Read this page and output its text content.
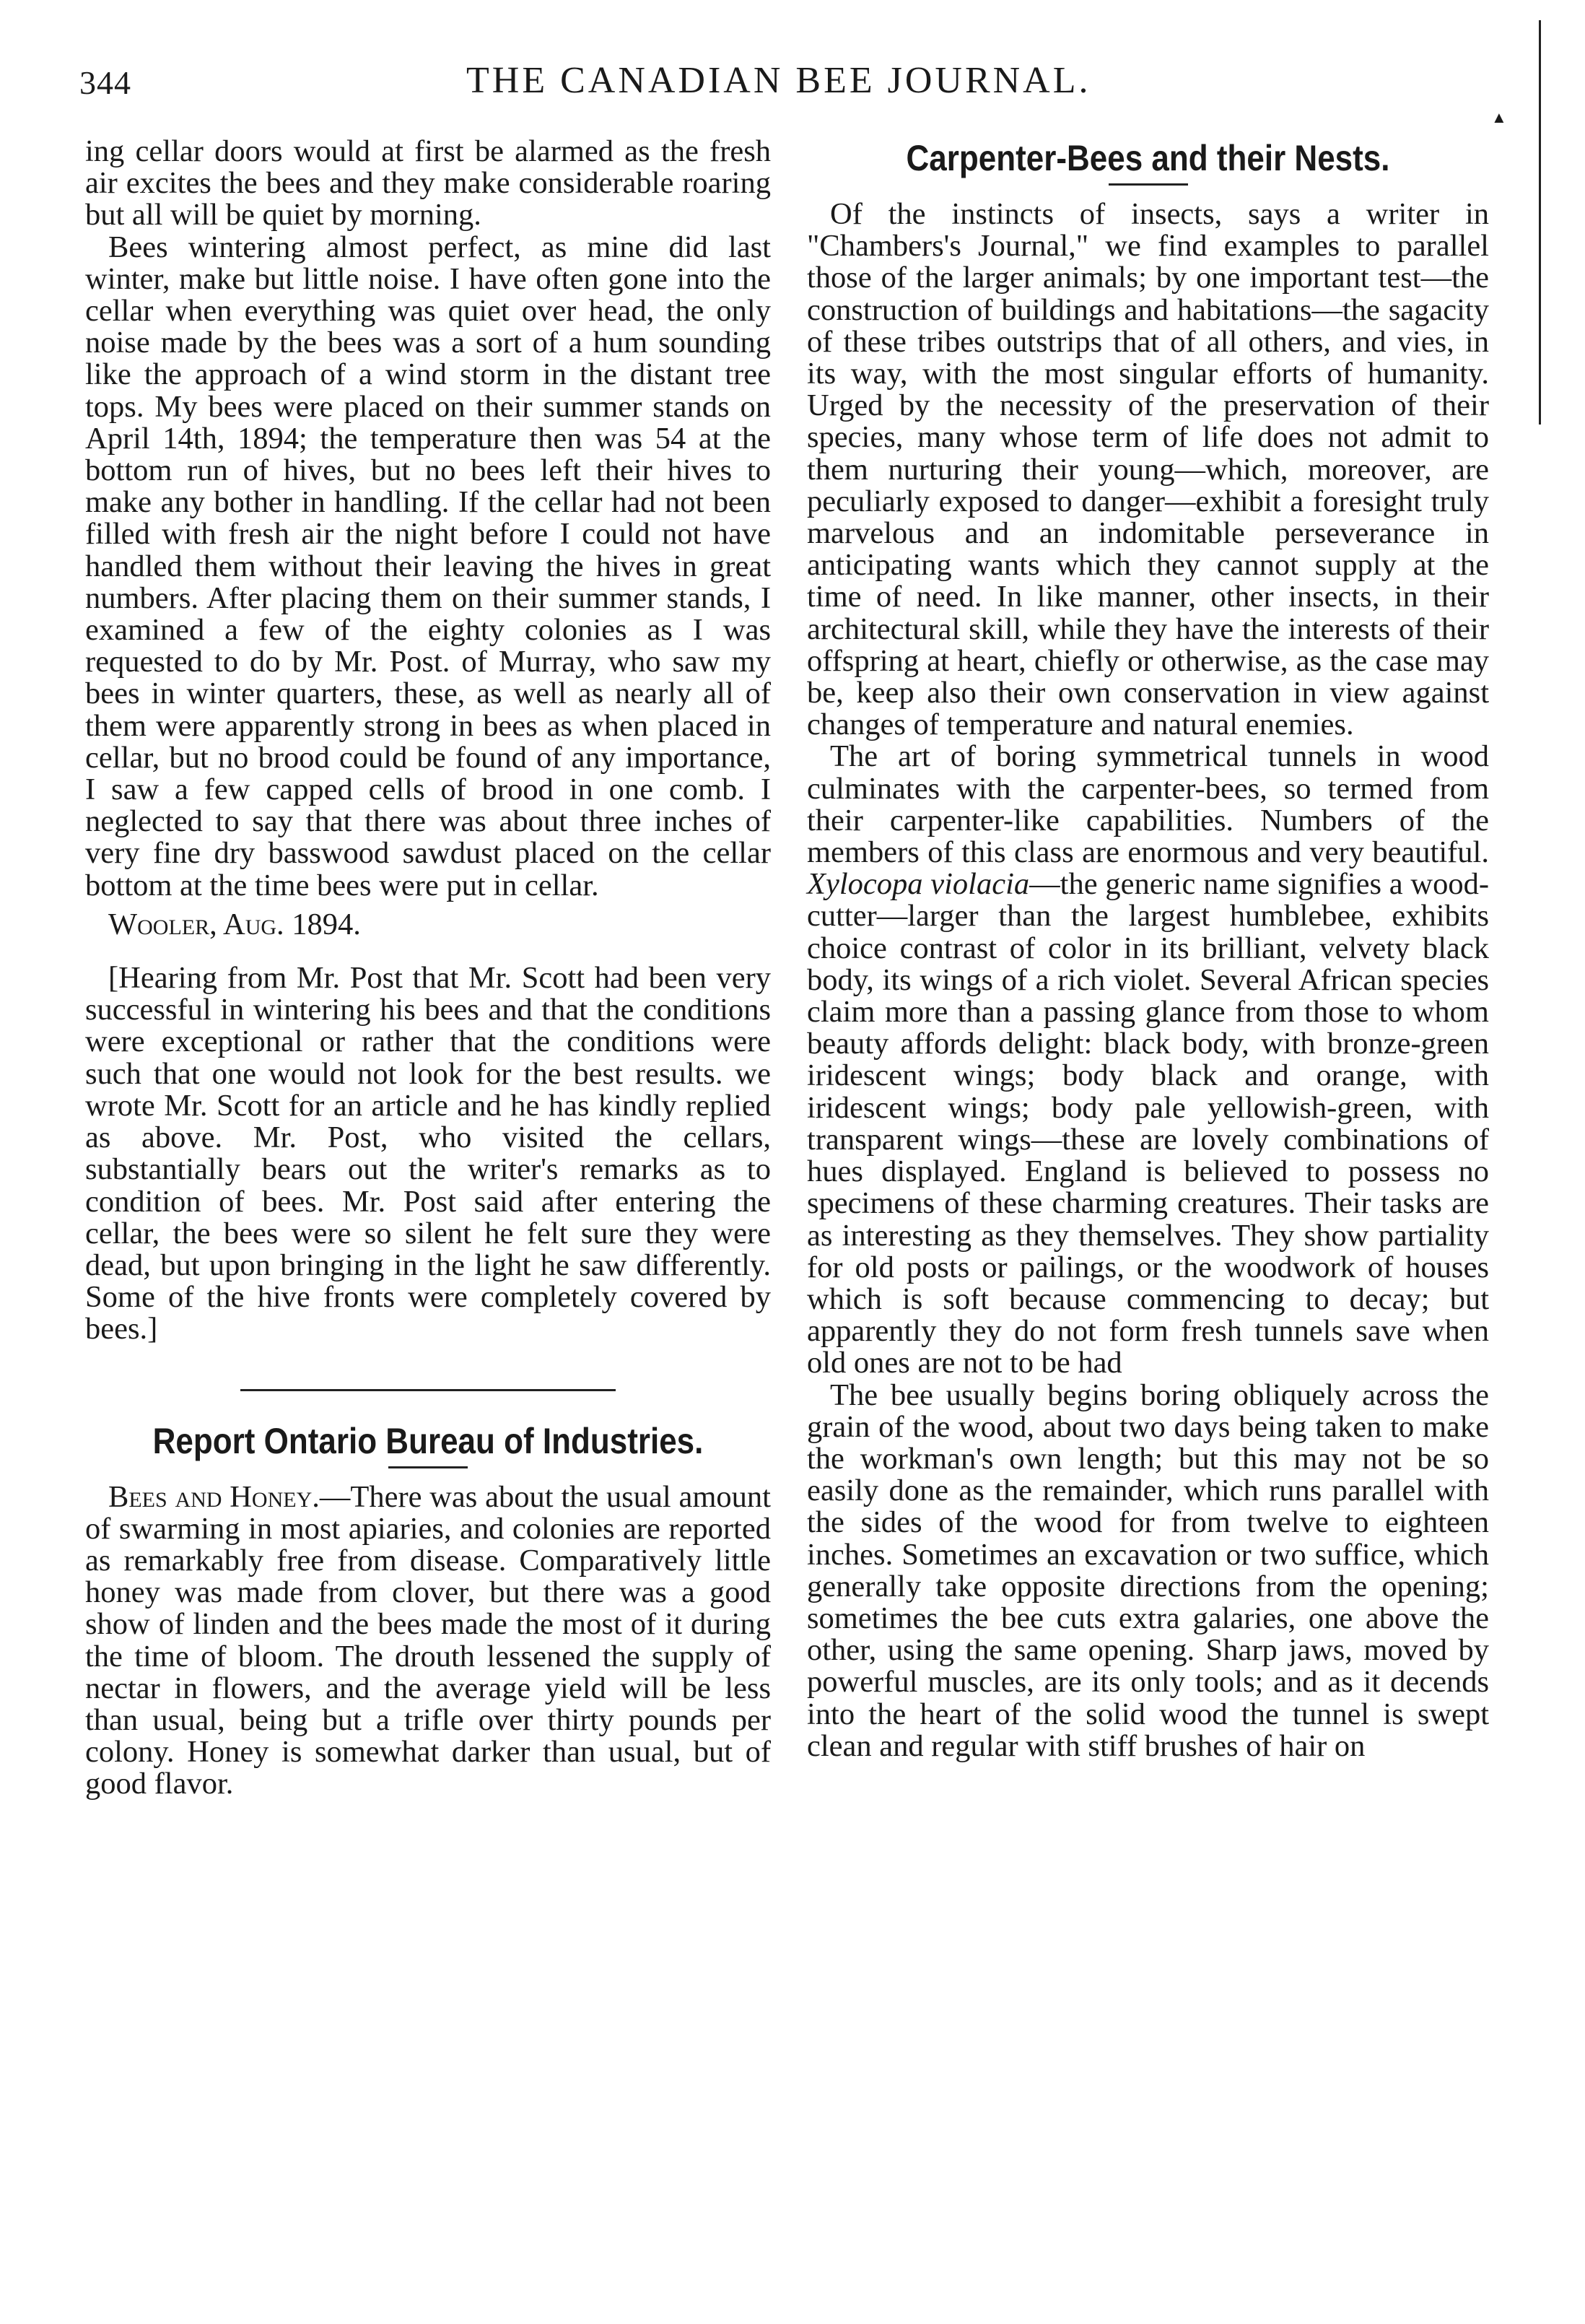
344	THE CANADIAN BEE JOURNAL.
▲

ing cellar doors would at first be alarmed as the fresh air excites the bees and they make considerable roaring but all will be quiet by morning.

Bees wintering almost perfect, as mine did last winter, make but little noise. I have often gone into the cellar when everything was quiet over head, the only noise made by the bees was a sort of a hum sounding like the approach of a wind storm in the distant tree tops. My bees were placed on their summer stands on April 14th, 1894; the temperature then was 54 at the bottom run of hives, but no bees left their hives to make any bother in handling. If the cellar had not been filled with fresh air the night before I could not have handled them without their leaving the hives in great numbers. After placing them on their summer stands, I examined a few of the eighty colonies as I was requested to do by Mr. Post. of Murray, who saw my bees in winter quarters, these, as well as nearly all of them were apparently strong in bees as when placed in cellar, but no brood could be found of any importance, I saw a few capped cells of brood in one comb. I neglected to say that there was about three inches of very fine dry basswood sawdust placed on the cellar bottom at the time bees were put in cellar.

Wooler, Aug. 1894.

[Hearing from Mr. Post that Mr. Scott had been very successful in wintering his bees and that the conditions were exceptional or rather that the conditions were such that one would not look for the best results. we wrote Mr. Scott for an article and he has kindly replied as above. Mr. Post, who visited the cellars, substantially bears out the writer's remarks as to condition of bees. Mr. Post said after entering the cellar, the bees were so silent he felt sure they were dead, but upon bringing in the light he saw differently. Some of the hive fronts were completely covered by bees.]

Report Ontario Bureau of Industries.

Bees and Honey.—There was about the usual amount of swarming in most apiaries, and colonies are reported as remarkably free from disease. Comparatively little honey was made from clover, but there was a good show of linden and the bees made the most of it during the time of bloom. The drouth lessened the supply of nectar in flowers, and the average yield will be less than usual, being but a trifle over thirty pounds per colony. Honey is somewhat darker than usual, but of good flavor.

Carpenter-Bees and their Nests.

Of the instincts of insects, says a writer in "Chambers's Journal," we find examples to parallel those of the larger animals; by one important test—the construction of buildings and habitations—the sagacity of these tribes outstrips that of all others, and vies, in its way, with the most singular efforts of humanity. Urged by the necessity of the preservation of their species, many whose term of life does not admit to them nurturing their young—which, moreover, are peculiarly exposed to danger—exhibit a foresight truly marvelous and an indomitable perseverance in anticipating wants which they cannot supply at the time of need. In like manner, other insects, in their architectural skill, while they have the interests of their offspring at heart, chiefly or otherwise, as the case may be, keep also their own conservation in view against changes of temperature and natural enemies.

The art of boring symmetrical tunnels in wood culminates with the carpenter-bees, so termed from their carpenter-like capabilities. Numbers of the members of this class are enormous and very beautiful. Xylocopa violacia—the generic name signifies a wood-cutter—larger than the largest humblebee, exhibits choice contrast of color in its brilliant, velvety black body, its wings of a rich violet. Several African species claim more than a passing glance from those to whom beauty affords delight: black body, with bronze-green iridescent wings; body black and orange, with iridescent wings; body pale yellowish-green, with transparent wings—these are lovely combinations of hues displayed. England is believed to possess no specimens of these charming creatures. Their tasks are as interesting as they themselves. They show partiality for old posts or pailings, or the woodwork of houses which is soft because commencing to decay; but apparently they do not form fresh tunnels save when old ones are not to be had

The bee usually begins boring obliquely across the grain of the wood, about two days being taken to make the workman's own length; but this may not be so easily done as the remainder, which runs parallel with the sides of the wood for from twelve to eighteen inches. Sometimes an excavation or two suffice, which generally take opposite directions from the opening; sometimes the bee cuts extra galaries, one above the other, using the same opening. Sharp jaws, moved by powerful muscles, are its only tools; and as it decends into the heart of the solid wood the tunnel is swept clean and regular with stiff brushes of hair on
